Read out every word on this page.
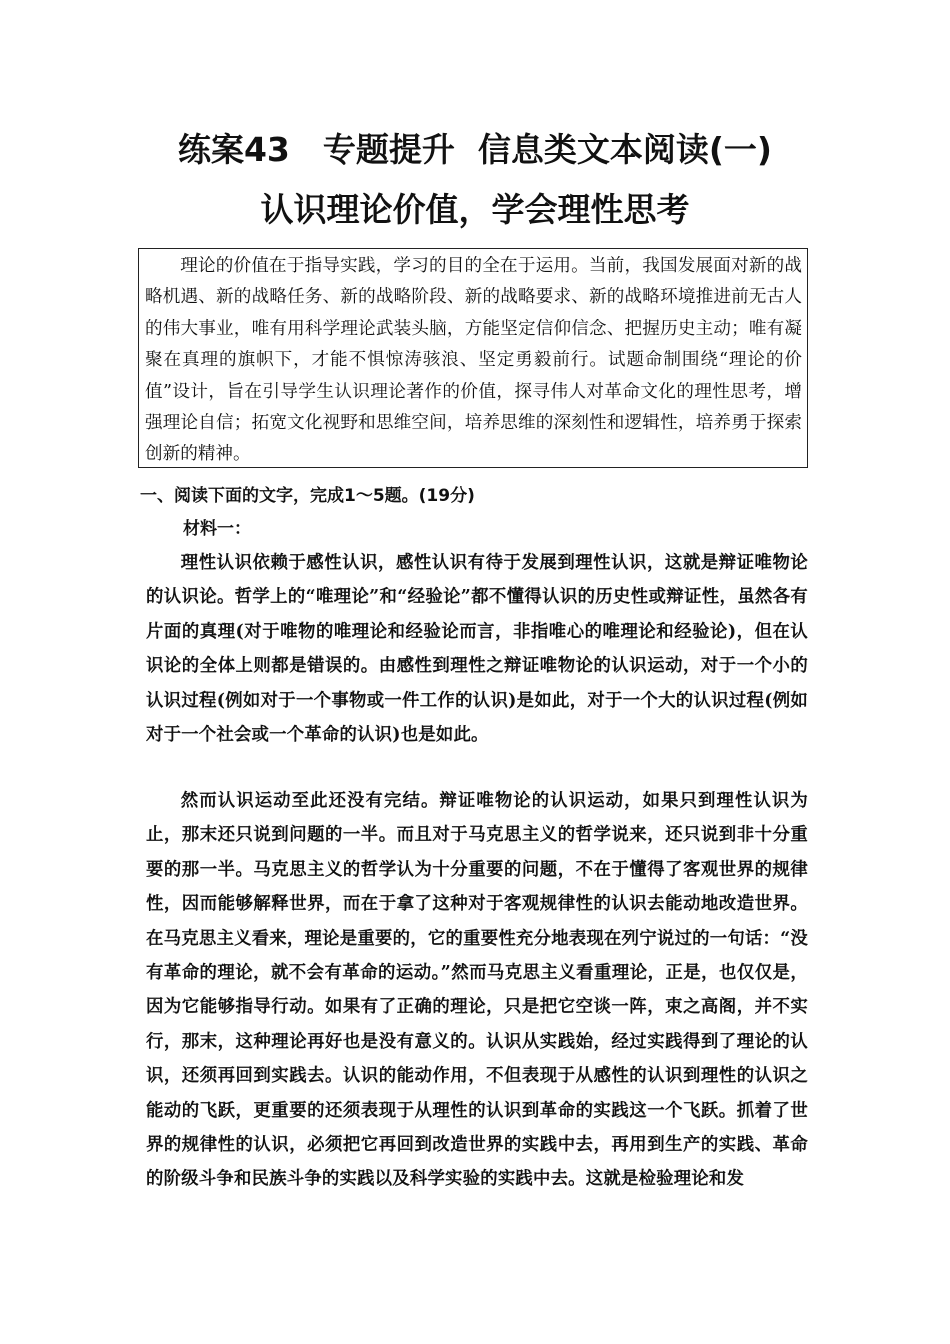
练案43　专题提升  信息类文本阅读(一)
认识理论价值，学会理性思考

理论的价值在于指导实践，学习的目的全在于运用。当前，我国发展面对新的战略机遇、新的战略任务、新的战略阶段、新的战略要求、新的战略环境推进前无古人的伟大事业，唯有用科学理论武装头脑，方能坚定信仰信念、把握历史主动；唯有凝聚在真理的旗帜下，才能不惧惊涛骇浪、坚定勇毅前行。试题命制围绕“理论的价值”设计，旨在引导学生认识理论著作的价值，探寻伟人对革命文化的理性思考，增强理论自信；拓宽文化视野和思维空间，培养思维的深刻性和逻辑性，培养勇于探索创新的精神。

一、阅读下面的文字，完成1～5题。(19分)
材料一：

理性认识依赖于感性认识，感性认识有待于发展到理性认识，这就是辩证唯物论的认识论。哲学上的“唯理论”和“经验论”都不懂得认识的历史性或辩证性，虽然各有片面的真理(对于唯物的唯理论和经验论而言，非指唯心的唯理论和经验论)，但在认识论的全体上则都是错误的。由感性到理性之辩证唯物论的认识运动，对于一个小的认识过程(例如对于一个事物或一件工作的认识)是如此，对于一个大的认识过程(例如对于一个社会或一个革命的认识)也是如此。

然而认识运动至此还没有完结。辩证唯物论的认识运动，如果只到理性认识为止，那末还只说到问题的一半。而且对于马克思主义的哲学说来，还只说到非十分重要的那一半。马克思主义的哲学认为十分重要的问题，不在于懂得了客观世界的规律性，因而能够解释世界，而在于拿了这种对于客观规律性的认识去能动地改造世界。在马克思主义看来，理论是重要的，它的重要性充分地表现在列宁说过的一句话：“没有革命的理论，就不会有革命的运动。”然而马克思主义看重理论，正是，也仅仅是，因为它能够指导行动。如果有了正确的理论，只是把它空谈一阵，束之高阁，并不实行，那末，这种理论再好也是没有意义的。认识从实践始，经过实践得到了理论的认识，还须再回到实践去。认识的能动作用，不但表现于从感性的认识到理性的认识之能动的飞跃，更重要的还须表现于从理性的认识到革命的实践这一个飞跃。抓着了世界的规律性的认识，必须把它再回到改造世界的实践中去，再用到生产的实践、革命的阶级斗争和民族斗争的实践以及科学实验的实践中去。这就是检验理论和发
